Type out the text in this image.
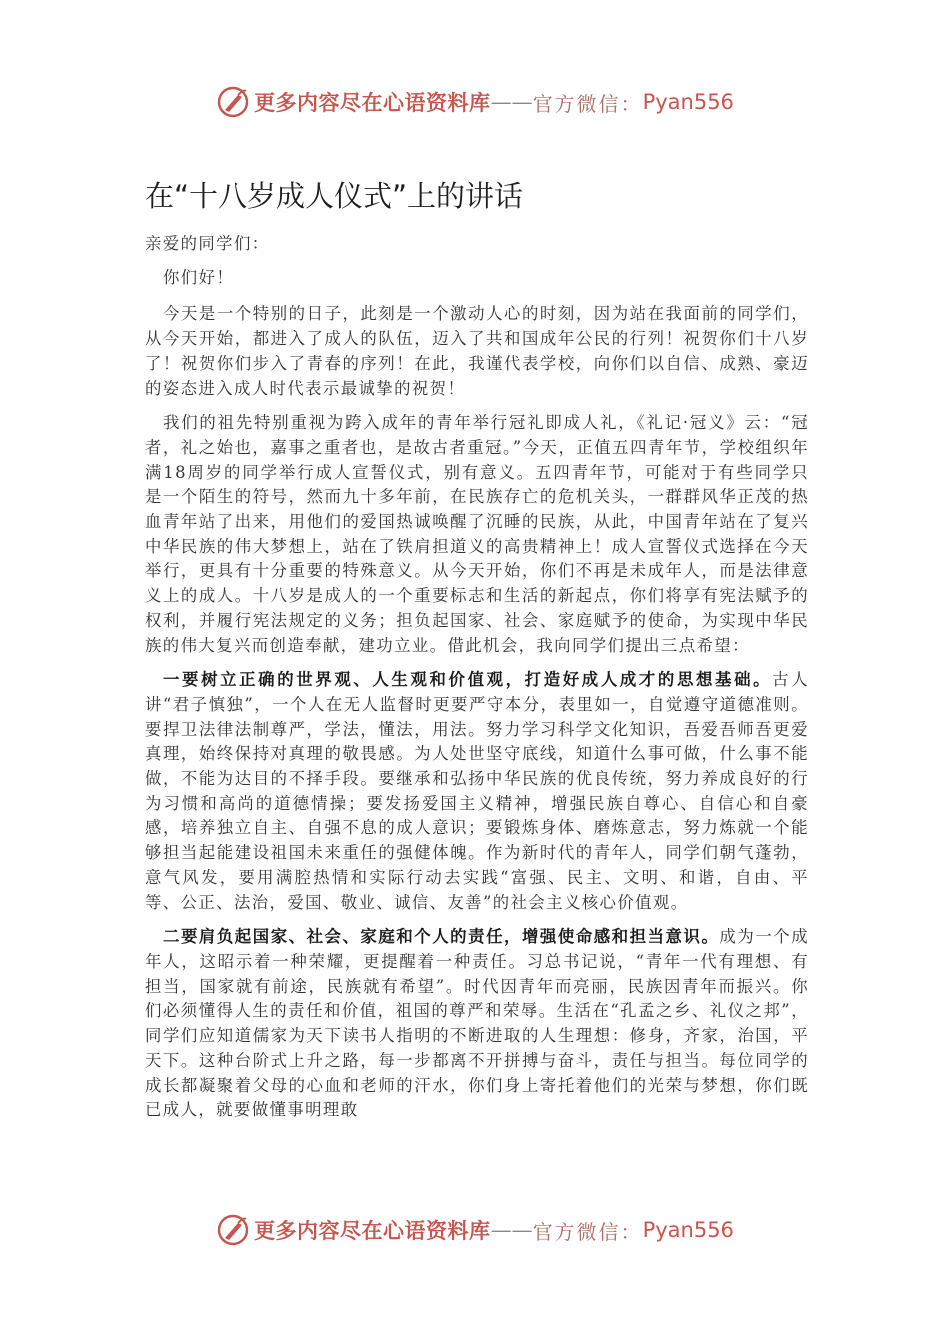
更多内容尽在心语资料库 —— 官方微信： Pyan556
在“十八岁成人仪式”上的讲话

亲爱的同学们：

你们好！

今天是一个特别的日子，此刻是一个激动人心的时刻，因为站在我面前的同学们，从今天开始，都进入了成人的队伍，迈入了共和国成年公民的行列！祝贺你们十八岁了！祝贺你们步入了青春的序列！在此，我谨代表学校，向你们以自信、成熟、豪迈的姿态进入成人时代表示最诚挚的祝贺！

我们的祖先特别重视为跨入成年的青年举行冠礼即成人礼，《礼记·冠义》云：“冠者，礼之始也，嘉事之重者也，是故古者重冠。”今天，正值五四青年节，学校组织年满18周岁的同学举行成人宣誓仪式，别有意义。五四青年节，可能对于有些同学只是一个陌生的符号，然而九十多年前，在民族存亡的危机关头，一群群风华正茂的热血青年站了出来，用他们的爱国热诚唤醒了沉睡的民族，从此，中国青年站在了复兴中华民族的伟大梦想上，站在了铁肩担道义的高贵精神上！成人宣誓仪式选择在今天举行，更具有十分重要的特殊意义。从今天开始，你们不再是未成年人，而是法律意义上的成人。十八岁是成人的一个重要标志和生活的新起点，你们将享有宪法赋予的权利，并履行宪法规定的义务；担负起国家、社会、家庭赋予的使命，为实现中华民族的伟大复兴而创造奉献，建功立业。借此机会，我向同学们提出三点希望：

一要树立正确的世界观、人生观和价值观，打造好成人成才的思想基础。古人讲“君子慎独”，一个人在无人监督时更要严守本分，表里如一，自觉遵守道德准则。要捍卫法律法制尊严，学法，懂法，用法。努力学习科学文化知识，吾爱吾师吾更爱真理，始终保持对真理的敬畏感。为人处世坚守底线，知道什么事可做，什么事不能做，不能为达目的不择手段。要继承和弘扬中华民族的优良传统，努力养成良好的行为习惯和高尚的道德情操；要发扬爱国主义精神，增强民族自尊心、自信心和自豪感，培养独立自主、自强不息的成人意识；要锻炼身体、磨炼意志，努力炼就一个能够担当起能建设祖国未来重任的强健体魄。作为新时代的青年人，同学们朝气蓬勃，意气风发，要用满腔热情和实际行动去实践“富强、民主、文明、和谐，自由、平等、公正、法治，爱国、敬业、诚信、友善”的社会主义核心价值观。

二要肩负起国家、社会、家庭和个人的责任，增强使命感和担当意识。成为一个成年人，这昭示着一种荣耀，更提醒着一种责任。习总书记说，“青年一代有理想、有担当，国家就有前途，民族就有希望”。时代因青年而亮丽，民族因青年而振兴。你们必须懂得人生的责任和价值，祖国的尊严和荣辱。生活在“孔孟之乡、礼仪之邦”，同学们应知道儒家为天下读书人指明的不断进取的人生理想：修身，齐家，治国，平天下。这种台阶式上升之路，每一步都离不开拼搏与奋斗，责任与担当。每位同学的成长都凝聚着父母的心血和老师的汗水，你们身上寄托着他们的光荣与梦想，你们既已成人，就要做懂事明理敢

更多内容尽在心语资料库 —— 官方微信： Pyan556
